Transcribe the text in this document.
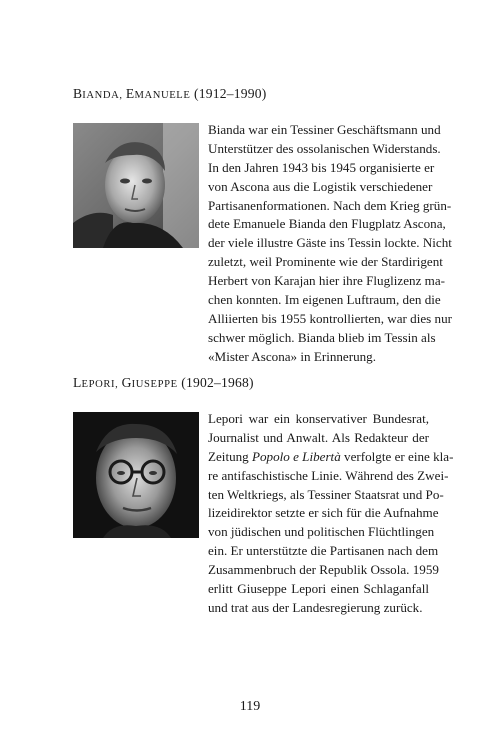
BIANDA, EMANUELE (1912–1990)
Bianda war ein Tessiner Geschäftsmann und
Unterstützer des ossolanischen Widerstands.
In den Jahren 1943 bis 1945 organisierte er
von Ascona aus die Logistik verschiedener
Partisanenformationen. Nach dem Krieg grün-
dete Emanuele Bianda den Flugplatz Ascona,
der viele illustre Gäste ins Tessin lockte. Nicht
zuletzt, weil Prominente wie der Stardirigent
Herbert von Karajan hier ihre Fluglizenz ma-
chen konnten. Im eigenen Luftraum, den die
Alliierten bis 1955 kontrollierten, war dies nur
schwer möglich. Bianda blieb im Tessin als
«Mister Ascona» in Erinnerung.
LEPORI, GIUSEPPE (1902–1968)
Lepori war ein konservativer Bundesrat,
Journalist und Anwalt. Als Redakteur der
Zeitung Popolo e Libertà verfolgte er eine kla-
re antifaschistische Linie. Während des Zwei-
ten Weltkriegs, als Tessiner Staatsrat und Po-
lizeidirektor setzte er sich für die Aufnahme
von jüdischen und politischen Flüchtlingen
ein. Er unterstützte die Partisanen nach dem
Zusammenbruch der Republik Ossola. 1959
erlitt Giuseppe Lepori einen Schlaganfall
und trat aus der Landesregierung zurück.
119
